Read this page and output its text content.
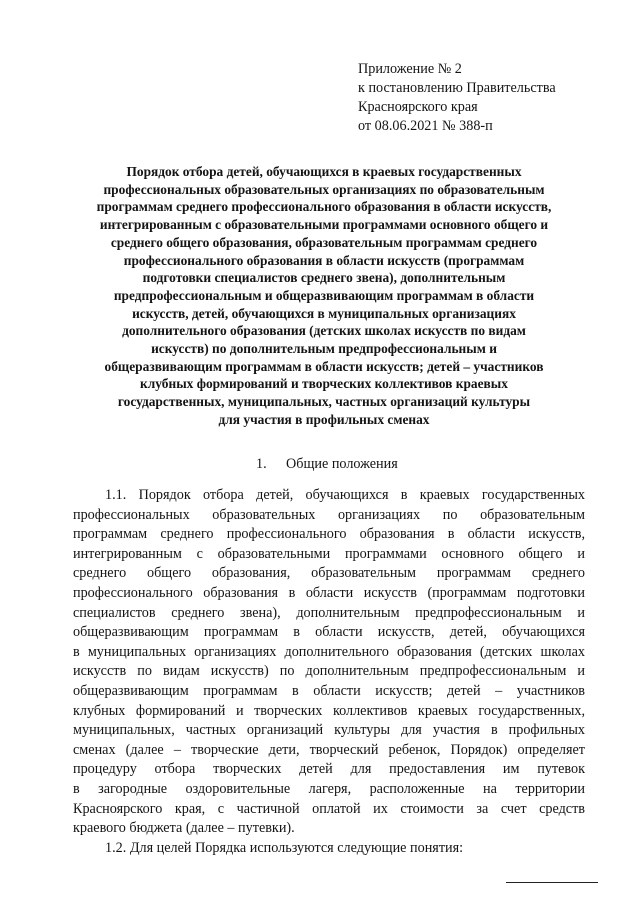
Приложение № 2
к постановлению Правительства
Красноярского края
от 08.06.2021 № 388-п
Порядок отбора детей, обучающихся в краевых государственных
профессиональных образовательных организациях по образовательным
программам среднего профессионального образования в области искусств,
интегрированным с образовательными программами основного общего и
среднего общего образования, образовательным программам среднего
профессионального образования в области искусств (программам
подготовки специалистов среднего звена), дополнительным
предпрофессиональным и общеразвивающим программам в области
искусств, детей, обучающихся в муниципальных организациях
дополнительного образования (детских школах искусств по видам
искусств) по дополнительным предпрофессиональным и
общеразвивающим программам в области искусств; детей – участников
клубных формирований и творческих коллективов краевых
государственных, муниципальных, частных организаций культуры
для участия в профильных сменах
1. Общие положения
1.1. Порядок отбора детей, обучающихся в краевых государственных
профессиональных образовательных организациях по образовательным
программам среднего профессионального образования в области искусств,
интегрированным с образовательными программами основного общего и
среднего общего образования, образовательным программам среднего
профессионального образования в области искусств (программам подготовки
специалистов среднего звена), дополнительным предпрофессиональным и
общеразвивающим программам в области искусств, детей, обучающихся
в муниципальных организациях дополнительного образования (детских школах
искусств по видам искусств) по дополнительным предпрофессиональным и
общеразвивающим программам в области искусств; детей – участников
клубных формирований и творческих коллективов краевых государственных,
муниципальных, частных организаций культуры для участия в профильных
сменах (далее – творческие дети, творческий ребенок, Порядок) определяет
процедуру отбора творческих детей для предоставления им путевок
в загородные оздоровительные лагеря, расположенные на территории
Красноярского края, с частичной оплатой их стоимости за счет средств
краевого бюджета (далее – путевки).
1.2. Для целей Порядка используются следующие понятия:
